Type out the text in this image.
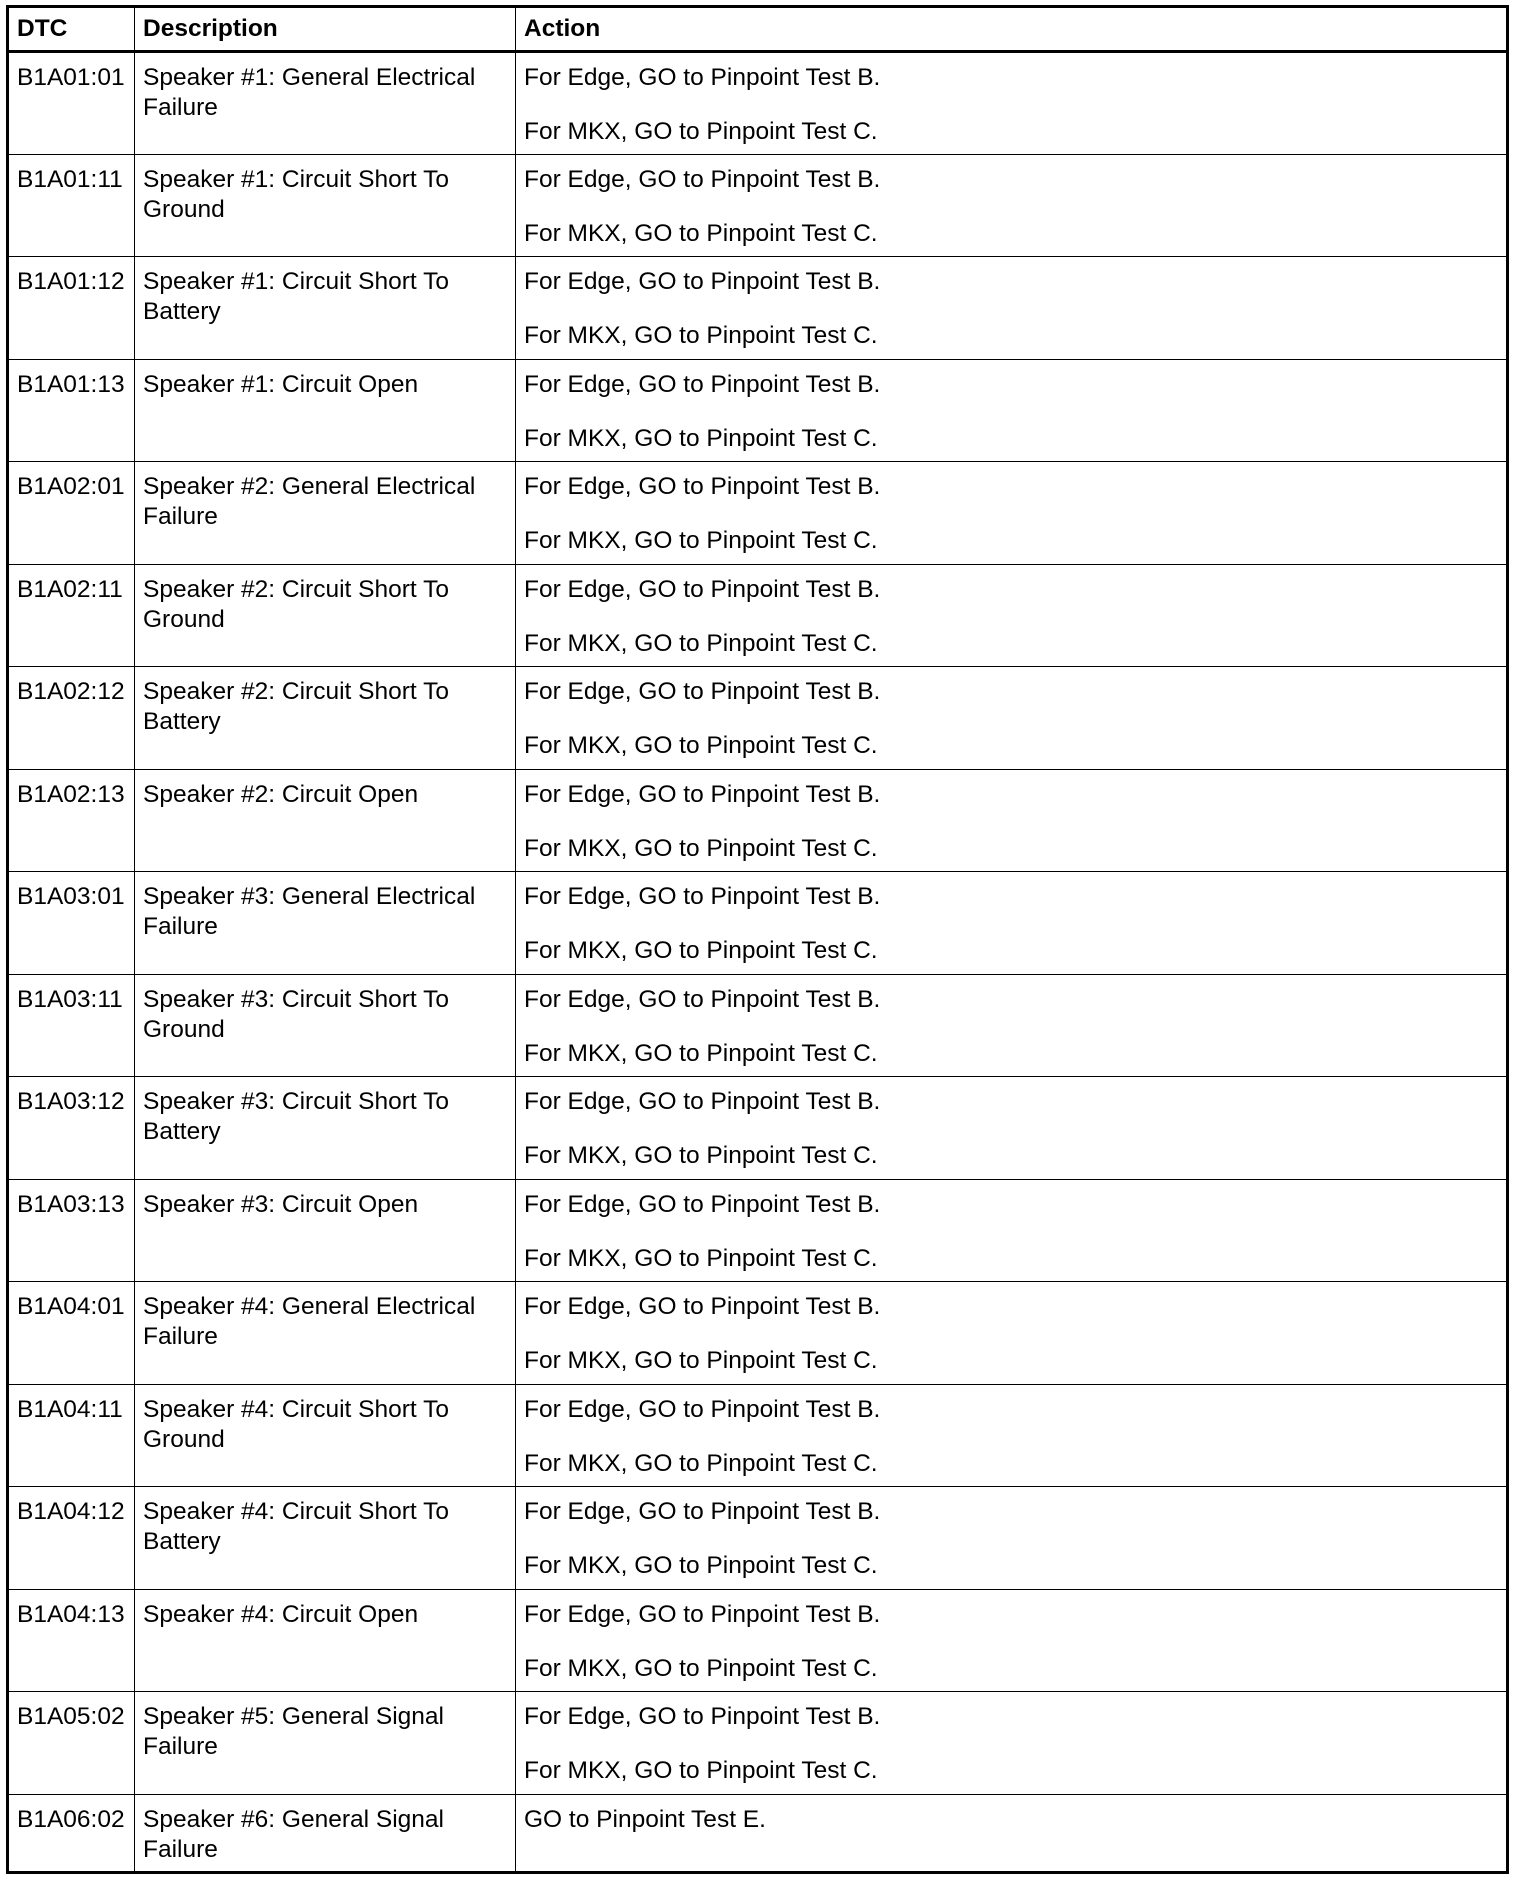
DTC	Description	Action
B1A01:01	Speaker #1: General Electrical Failure	For Edge, GO to Pinpoint Test B.
For MKX, GO to Pinpoint Test C.

B1A01:11	Speaker #1: Circuit Short To Ground	For Edge, GO to Pinpoint Test B.
For MKX, GO to Pinpoint Test C.

B1A01:12	Speaker #1: Circuit Short To Battery	For Edge, GO to Pinpoint Test B.
For MKX, GO to Pinpoint Test C.

B1A01:13	Speaker #1: Circuit Open	For Edge, GO to Pinpoint Test B.
For MKX, GO to Pinpoint Test C.

B1A02:01	Speaker #2: General Electrical Failure	For Edge, GO to Pinpoint Test B.
For MKX, GO to Pinpoint Test C.

B1A02:11	Speaker #2: Circuit Short To Ground	For Edge, GO to Pinpoint Test B.
For MKX, GO to Pinpoint Test C.

B1A02:12	Speaker #2: Circuit Short To Battery	For Edge, GO to Pinpoint Test B.
For MKX, GO to Pinpoint Test C.

B1A02:13	Speaker #2: Circuit Open	For Edge, GO to Pinpoint Test B.
For MKX, GO to Pinpoint Test C.

B1A03:01	Speaker #3: General Electrical Failure	For Edge, GO to Pinpoint Test B.
For MKX, GO to Pinpoint Test C.

B1A03:11	Speaker #3: Circuit Short To Ground	For Edge, GO to Pinpoint Test B.
For MKX, GO to Pinpoint Test C.

B1A03:12	Speaker #3: Circuit Short To Battery	For Edge, GO to Pinpoint Test B.
For MKX, GO to Pinpoint Test C.

B1A03:13	Speaker #3: Circuit Open	For Edge, GO to Pinpoint Test B.
For MKX, GO to Pinpoint Test C.

B1A04:01	Speaker #4: General Electrical Failure	For Edge, GO to Pinpoint Test B.
For MKX, GO to Pinpoint Test C.

B1A04:11	Speaker #4: Circuit Short To Ground	For Edge, GO to Pinpoint Test B.
For MKX, GO to Pinpoint Test C.

B1A04:12	Speaker #4: Circuit Short To Battery	For Edge, GO to Pinpoint Test B.
For MKX, GO to Pinpoint Test C.

B1A04:13	Speaker #4: Circuit Open	For Edge, GO to Pinpoint Test B.
For MKX, GO to Pinpoint Test C.

B1A05:02	Speaker #5: General Signal Failure	For Edge, GO to Pinpoint Test B.
For MKX, GO to Pinpoint Test C.

B1A06:02	Speaker #6: General Signal Failure	GO to Pinpoint Test E.
